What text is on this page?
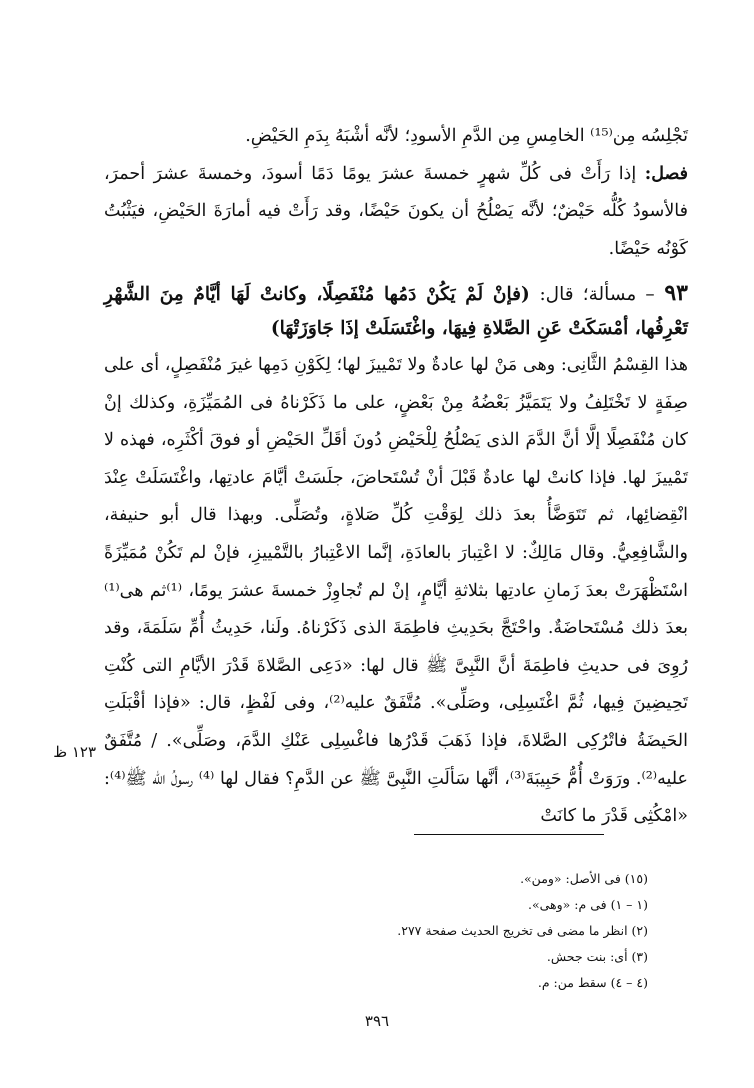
تَجْلِسُه مِن⁽¹⁵⁾ الخامِسِ مِن الدَّمِ الأسودِ؛ لأنَّه أشْبَهُ بِدَمِ الحَيْضِ.
فصل: إذا رَأَتْ فى كُلِّ شهرٍ خمسةَ عشرَ يومًا دَمًا أسودَ، وخمسةَ عشرَ أحمرَ، فالأسودُ كُلُّه حَيْضٌ؛ لأنَّه يَصْلُحُ أن يكونَ حَيْضًا، وقد رَأَتْ فيه أمارَةَ الحَيْضِ، فيَثْبُتُ كَوْنُه حَيْضًا.
٩٣ – مسألة؛ قال: (فإنْ لَمْ يَكُنْ دَمُها مُنْفَصِلًا، وكانتْ لَهَا أيَّامٌ مِنَ الشَّهْرِ تَعْرِفُها، أمْسَكَتْ عَنِ الصَّلاةِ فِيهَا، واغْتَسَلَتْ إذَا جَاوَزَتْهَا)
هذا القِسْمُ الثَّانِى: وهى مَنْ لها عادةٌ ولا تَمْييزَ لها؛ لِكَوْنِ دَمِها غيرَ مُنْفَصِلٍ، أى على صِفَةٍ لا تَخْتَلِفُ ولا يَتَمَيَّزُ بَعْضُهُ مِنْ بَعْضٍ، على ما ذَكَرْناهُ فى المُمَيِّزَةِ، وكذلك إنْ كان مُنْفَصِلًا إلَّا أنَّ الدَّمَ الذى يَصْلُحُ لِلْحَيْضِ دُونَ أقَلِّ الحَيْضِ أو فوقَ أكْثَرِه، فهذه لا تَمْييزَ لها. فإذا كانتْ لها عادةٌ قَبْلَ أنْ تُسْتَحاضَ، جلَسَتْ أيَّامَ عادتِها، واغْتَسَلَتْ عِنْدَ انْقِضائِها، ثم تَتَوَضَّأُ بعدَ ذلك لِوَقْتِ كُلِّ صَلاةٍ، وتُصَلِّى. وبهذا قال أبو حنيفة، والشَّافِعِيُّ. وقال مَالِكٌ: لا اعْتِبارَ بالعادَةِ، إنَّما الاعْتِبارُ بالتَّمْييزِ، فإنْ لم تَكُنْ مُمَيِّزَةً اسْتَظْهَرَتْ بعدَ زَمانِ عادتِها بثلاثةِ أيَّامٍ، إنْ لم تُجاوِزْ خمسةَ عشرَ يومًا، ⁽¹⁾ثم هى⁽¹⁾ بعدَ ذلك مُسْتَحاضَةٌ. واحْتَجَّ بحَدِيثِ فاطِمَةَ الذى ذَكَرْناهُ. ولَنا، حَدِيثُ أُمِّ سَلَمَةَ، وقد رُوِىَ فى حديثِ فاطِمَةَ أنَّ النَّبِىَّ ﷺ قال لها: «دَعِى الصَّلاةَ قَدْرَ الأيَّامِ التى كُنْتِ تَحِيضِينَ فِيها، ثُمَّ اغْتَسِلِى، وصَلِّى». مُتَّفَقٌ عليه⁽²⁾، وفى لَفْظٍ، قال: «فإذا أقْبَلَتِ الحَيضَةُ فاتْرُكِى الصَّلاةَ، فإذا ذَهَبَ قَدْرُها فاغْسِلِى عَنْكِ الدَّمَ، وصَلِّى». / مُتَّفَقٌ عليه⁽²⁾. ورَوَتْ أُمُّ حَبِيبَةَ⁽³⁾، أنَّها سَألَتِ النَّبِىَّ ﷺ عن الدَّمِ؟ فقال لها ⁽⁴⁾ رسولُ الله ﷺ⁽⁴⁾: «امْكُثِى قَدْرَ ما كانَتْ
١٢٣ ظ
(١٥) فى الأصل: «ومن».
(١ – ١) فى م: «وهى».
(٢) انظر ما مضى فى تخريج الحديث صفحة ٢٧٧.
(٣) أى: بنت جحش.
(٤ – ٤) سقط من: م.
٣٩٦
